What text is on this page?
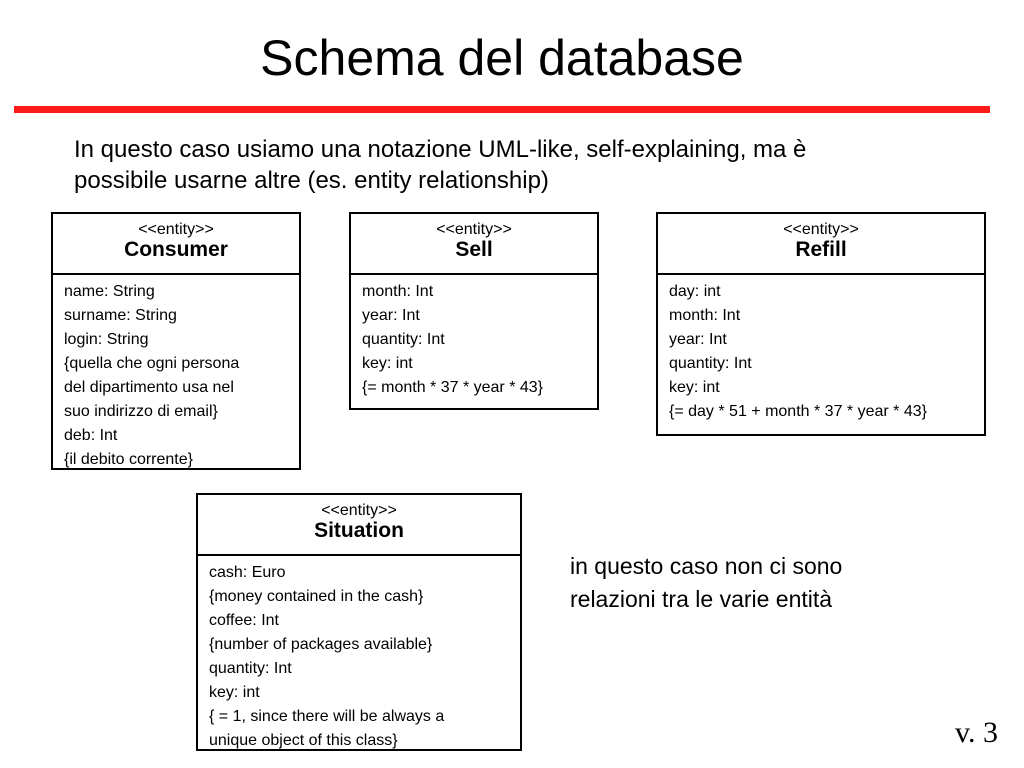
Schema del database

In questo caso usiamo una notazione UML-like, self-explaining, ma è
possibile usarne altre (es. entity relationship)

<<entity>>
Consumer
name: String
surname: String
login: String
{quella che ogni persona
del dipartimento usa nel
suo indirizzo di email}
deb: Int
{il debito corrente}
<<entity>>
Sell
month: Int
year: Int
quantity: Int
key: int
{= month * 37 * year * 43}
<<entity>>
Refill
day: int
month: Int
year: Int
quantity: Int
key: int
{= day * 51 + month * 37 * year * 43}
<<entity>>
Situation
cash: Euro
{money contained in the cash}
coffee: Int
{number of packages available}
quantity: Int
key: int
{ = 1, since there will be always a
unique object of this class}

in questo caso non ci sono
relazioni tra le varie entità

v. 3
